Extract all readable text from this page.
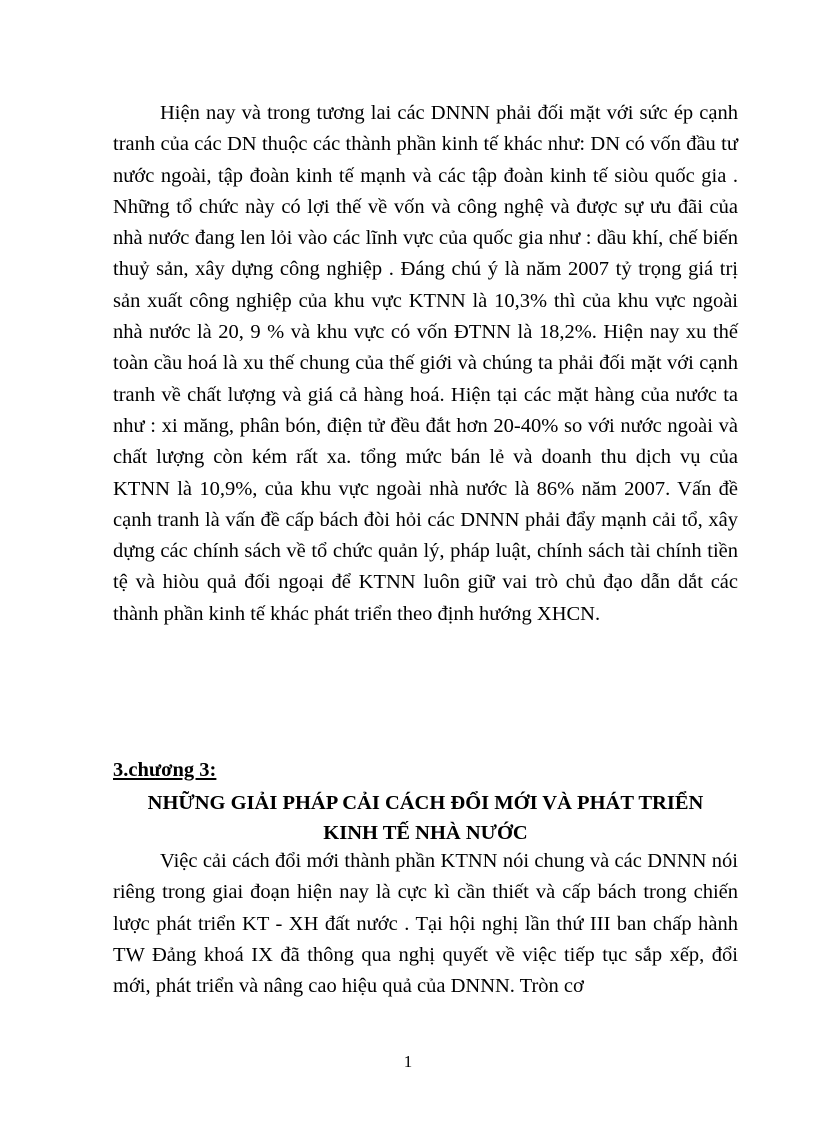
Hiện nay và trong tương lai các DNNN phải đối mặt với sức ép cạnh tranh của các DN thuộc các thành phần kinh tế khác như: DN có vốn đầu tư nước ngoài, tập đoàn kinh tế mạnh và các tập đoàn kinh tế siòu quốc gia . Những tổ chức này có lợi thế về vốn và công nghệ và được sự ưu đãi của nhà nước đang len lỏi vào các lĩnh vực của quốc gia như : dầu khí, chế biến thuỷ sản, xây dựng công nghiệp . Đáng chú ý là năm 2007 tỷ trọng giá trị sản xuất công nghiệp của khu vực KTNN là 10,3% thì của khu vực ngoài nhà nước là 20, 9 % và khu vực có vốn ĐTNN là 18,2%. Hiện nay xu thế toàn cầu hoá là xu thế chung của thế giới và chúng ta phải đối mặt với cạnh tranh về chất lượng và giá cả hàng hoá. Hiện tại các mặt hàng của nước ta như : xi măng, phân bón, điện tử đều đắt hơn 20-40% so với nước ngoài và chất lượng còn kém rất xa. tổng mức bán lẻ và doanh thu dịch vụ của KTNN là 10,9%, của khu vực ngoài nhà nước là 86% năm 2007. Vấn đề cạnh tranh là vấn đề cấp bách đòi hỏi các DNNN phải đẩy mạnh cải tổ, xây dựng các chính sách về tổ chức quản lý, pháp luật, chính sách tài chính tiền tệ và hiòu quả đối ngoại để KTNN luôn giữ vai trò chủ đạo dẫn dắt các thành phần kinh tế khác phát triển theo định hướng XHCN.

3.chương 3:

NHỮNG GIẢI PHÁP CẢI CÁCH ĐỔI MỚI VÀ PHÁT TRIỂN
KINH TẾ NHÀ NƯỚC

Việc cải cách đổi mới thành phần KTNN nói chung và các DNNN nói riêng trong giai đoạn hiện nay là cực kì cần thiết và cấp bách trong chiến lược phát triển KT - XH đất nước . Tại hội nghị lần thứ III ban chấp hành TW Đảng khoá IX đã thông qua nghị quyết về việc tiếp tục sắp xếp, đổi mới, phát triển và nâng cao hiệu quả của DNNN. Tròn cơ

1
